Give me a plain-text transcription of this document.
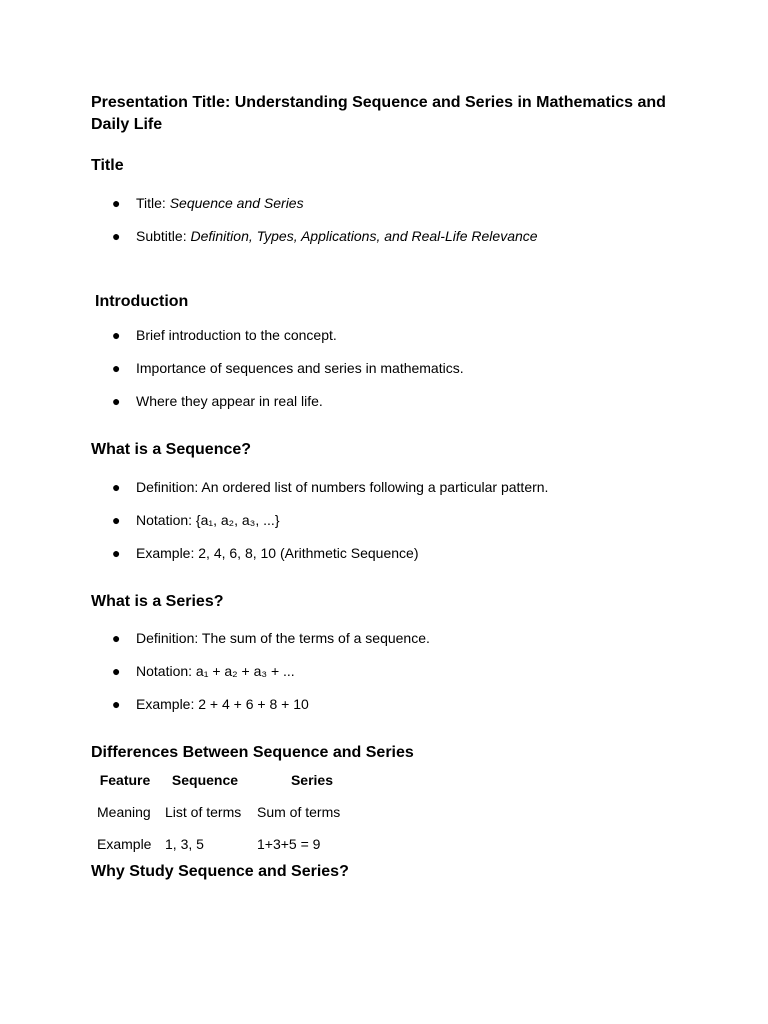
Presentation Title: Understanding Sequence and Series in Mathematics and Daily Life
Title
● Title: Sequence and Series
● Subtitle: Definition, Types, Applications, and Real-Life Relevance
Introduction
● Brief introduction to the concept.
● Importance of sequences and series in mathematics.
● Where they appear in real life.
What is a Sequence?
● Definition: An ordered list of numbers following a particular pattern.
● Notation: {a₁, a₂, a₃, ...}
● Example: 2, 4, 6, 8, 10 (Arithmetic Sequence)
What is a Series?
● Definition: The sum of the terms of a sequence.
● Notation: a₁ + a₂ + a₃ + ...
● Example: 2 + 4 + 6 + 8 + 10
Differences Between Sequence and Series
Feature	Sequence	Series
Meaning	List of terms	Sum of terms
Example	1, 3, 5	1+3+5 = 9
Why Study Sequence and Series?
